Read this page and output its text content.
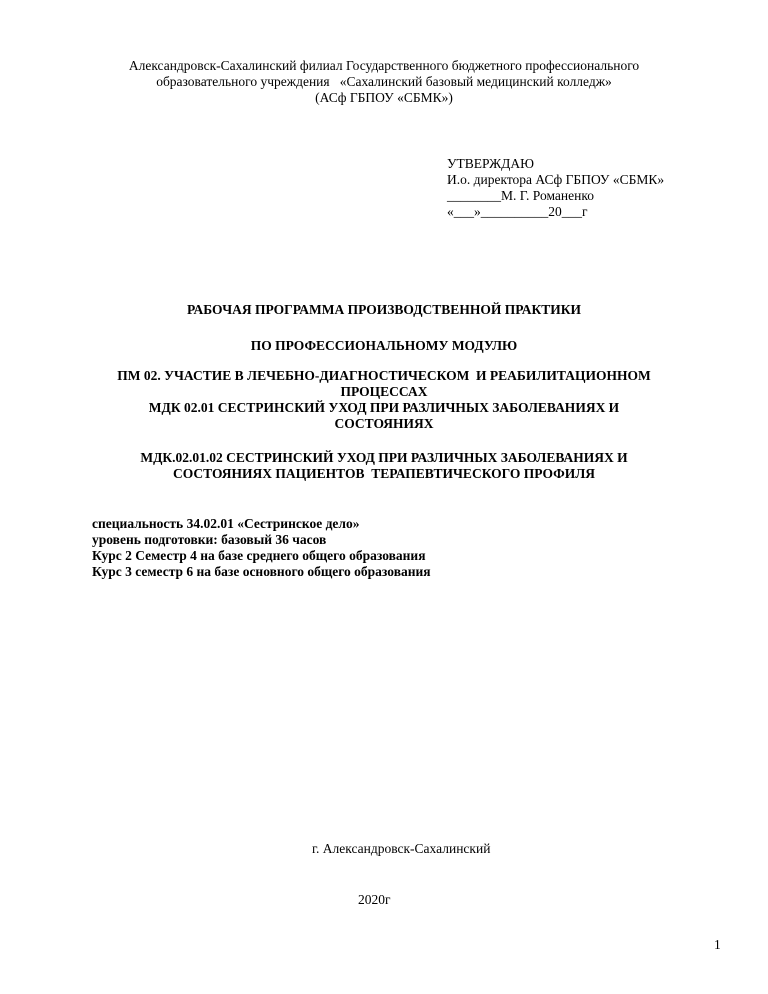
Александровск-Сахалинский филиал Государственного бюджетного профессионального
образовательного учреждения   «Сахалинский базовый медицинский колледж»
(АСф ГБПОУ «СБМК»)
УТВЕРЖДАЮ
И.о. директора АСф ГБПОУ «СБМК»
________М. Г. Романенко
«___»__________20___г
РАБОЧАЯ ПРОГРАММА ПРОИЗВОДСТВЕННОЙ ПРАКТИКИ
ПО ПРОФЕССИОНАЛЬНОМУ МОДУЛЮ
ПМ 02. УЧАСТИЕ В ЛЕЧЕБНО-ДИАГНОСТИЧЕСКОМ  И РЕАБИЛИТАЦИОННОМ
ПРОЦЕССАХ
МДК 02.01 СЕСТРИНСКИЙ УХОД ПРИ РАЗЛИЧНЫХ ЗАБОЛЕВАНИЯХ И
СОСТОЯНИЯХ
МДК.02.01.02 СЕСТРИНСКИЙ УХОД ПРИ РАЗЛИЧНЫХ ЗАБОЛЕВАНИЯХ И
СОСТОЯНИЯХ ПАЦИЕНТОВ  ТЕРАПЕВТИЧЕСКОГО ПРОФИЛЯ
специальность 34.02.01 «Сестринское дело»
уровень подготовки: базовый 36 часов
Курс 2 Семестр 4 на базе среднего общего образования
Курс 3 семестр 6 на базе основного общего образования
г. Александровск-Сахалинский
2020г
1
